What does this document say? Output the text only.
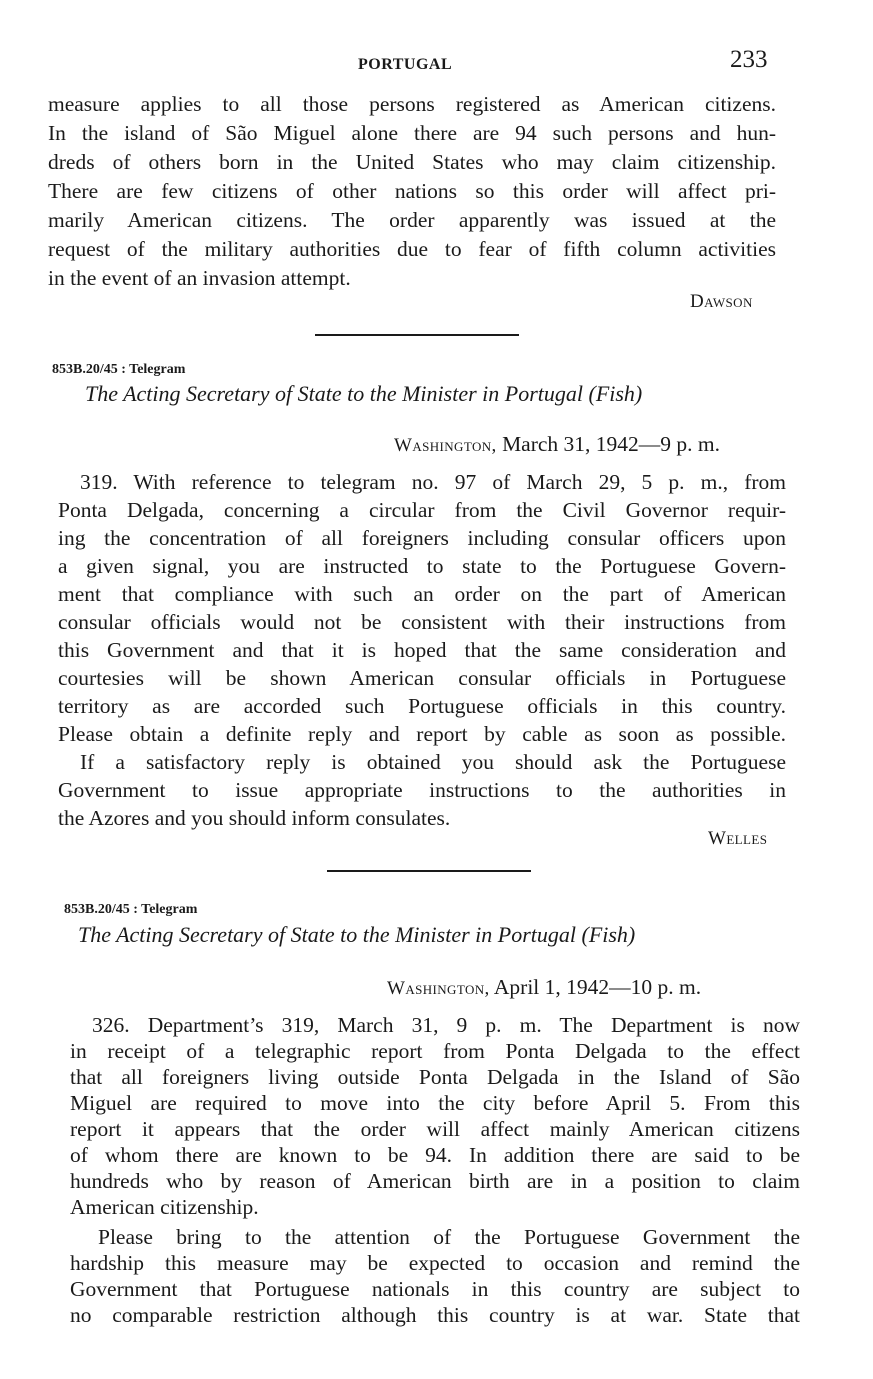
PORTUGAL	233
measure applies to all those persons registered as American citizens.
In the island of São Miguel alone there are 94 such persons and hun-
dreds of others born in the United States who may claim citizenship.
There are few citizens of other nations so this order will affect pri-
marily American citizens. The order apparently was issued at the
request of the military authorities due to fear of fifth column activities
in the event of an invasion attempt.
Dawson
853B.20/45 : Telegram
The Acting Secretary of State to the Minister in Portugal (Fish)
Washington, March 31, 1942—9 p. m.
319. With reference to telegram no. 97 of March 29, 5 p. m., from
Ponta Delgada, concerning a circular from the Civil Governor requir-
ing the concentration of all foreigners including consular officers upon
a given signal, you are instructed to state to the Portuguese Govern-
ment that compliance with such an order on the part of American
consular officials would not be consistent with their instructions from
this Government and that it is hoped that the same consideration and
courtesies will be shown American consular officials in Portuguese
territory as are accorded such Portuguese officials in this country.
Please obtain a definite reply and report by cable as soon as possible.
If a satisfactory reply is obtained you should ask the Portuguese
Government to issue appropriate instructions to the authorities in
the Azores and you should inform consulates.
Welles
853B.20/45 : Telegram
The Acting Secretary of State to the Minister in Portugal (Fish)
Washington, April 1, 1942—10 p. m.
326. Department’s 319, March 31, 9 p. m. The Department is now
in receipt of a telegraphic report from Ponta Delgada to the effect
that all foreigners living outside Ponta Delgada in the Island of São
Miguel are required to move into the city before April 5. From this
report it appears that the order will affect mainly American citizens
of whom there are known to be 94. In addition there are said to be
hundreds who by reason of American birth are in a position to claim
American citizenship.
Please bring to the attention of the Portuguese Government the
hardship this measure may be expected to occasion and remind the
Government that Portuguese nationals in this country are subject to
no comparable restriction although this country is at war. State that
